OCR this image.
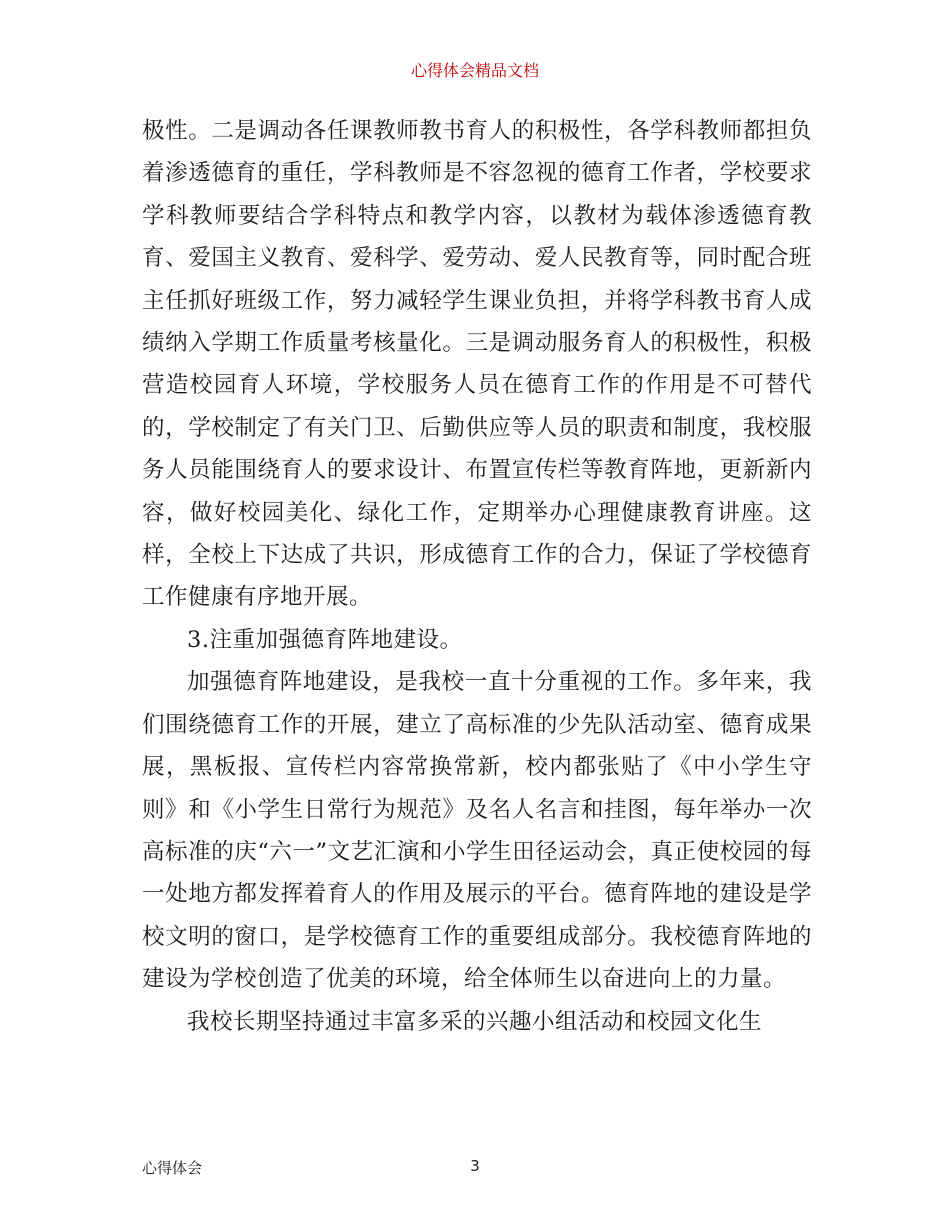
心得体会精品文档

极性。二是调动各任课教师教书育人的积极性，各学科教师都担负着渗透德育的重任，学科教师是不容忽视的德育工作者，学校要求学科教师要结合学科特点和教学内容，以教材为载体渗透德育教育、爱国主义教育、爱科学、爱劳动、爱人民教育等，同时配合班主任抓好班级工作，努力减轻学生课业负担，并将学科教书育人成绩纳入学期工作质量考核量化。三是调动服务育人的积极性，积极营造校园育人环境，学校服务人员在德育工作的作用是不可替代的，学校制定了有关门卫、后勤供应等人员的职责和制度，我校服务人员能围绕育人的要求设计、布置宣传栏等教育阵地，更新新内容，做好校园美化、绿化工作，定期举办心理健康教育讲座。这样，全校上下达成了共识，形成德育工作的合力，保证了学校德育工作健康有序地开展。

3.注重加强德育阵地建设。

加强德育阵地建设，是我校一直十分重视的工作。多年来，我们围绕德育工作的开展，建立了高标准的少先队活动室、德育成果展，黑板报、宣传栏内容常换常新，校内都张贴了《中小学生守则》和《小学生日常行为规范》及名人名言和挂图，每年举办一次高标准的庆“六一”文艺汇演和小学生田径运动会，真正使校园的每一处地方都发挥着育人的作用及展示的平台。德育阵地的建设是学校文明的窗口，是学校德育工作的重要组成部分。我校德育阵地的建设为学校创造了优美的环境，给全体师生以奋进向上的力量。

我校长期坚持通过丰富多采的兴趣小组活动和校园文化生

心得体会	3
